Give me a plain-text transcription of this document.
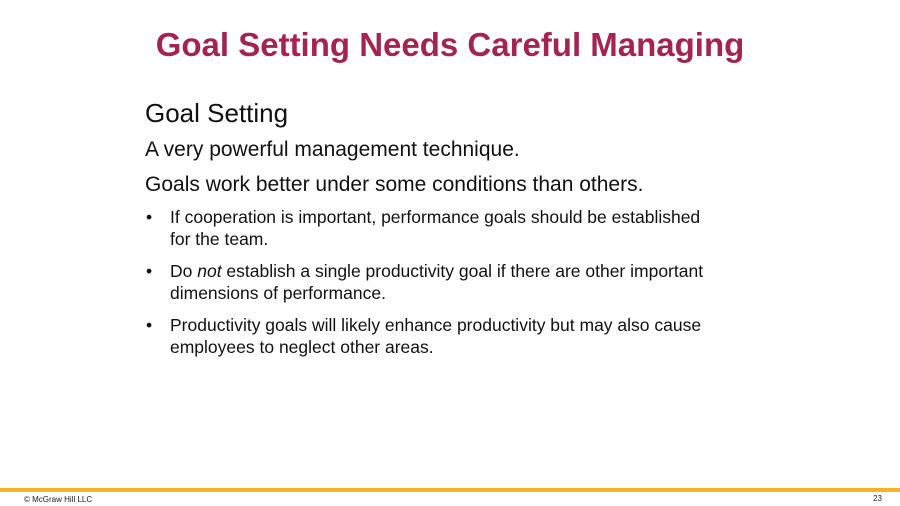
Goal Setting Needs Careful Managing
Goal Setting
A very powerful management technique.
Goals work better under some conditions than others.
• If cooperation is important, performance goals should be established for the team.
• Do not establish a single productivity goal if there are other important dimensions of performance.
• Productivity goals will likely enhance productivity but may also cause employees to neglect other areas.
© McGraw Hill LLC	23
